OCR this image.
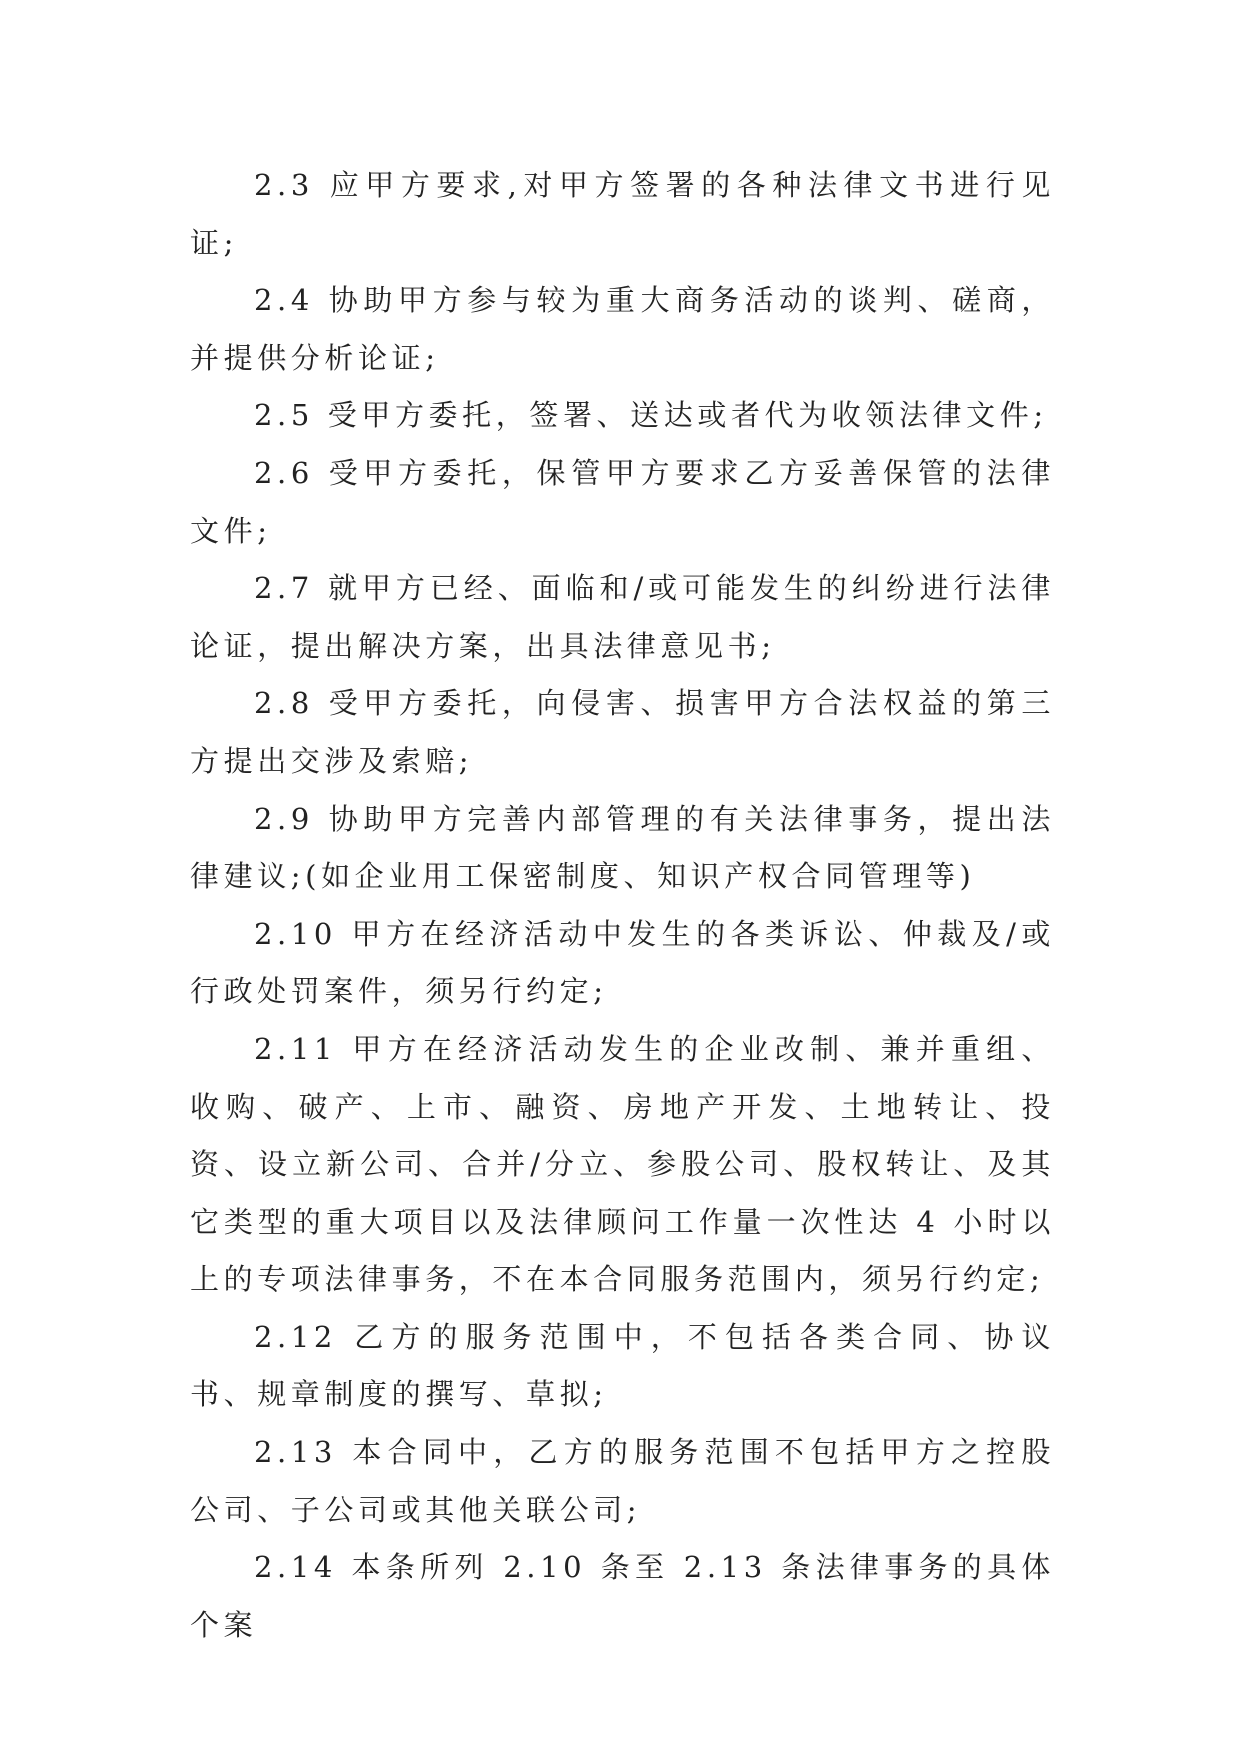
2.3 应甲方要求,对甲方签署的各种法律文书进行见证;

2.4 协助甲方参与较为重大商务活动的谈判、磋商，并提供分析论证;

2.5 受甲方委托，签署、送达或者代为收领法律文件;

2.6 受甲方委托，保管甲方要求乙方妥善保管的法律文件;

2.7 就甲方已经、面临和/或可能发生的纠纷进行法律论证，提出解决方案，出具法律意见书;

2.8 受甲方委托，向侵害、损害甲方合法权益的第三方提出交涉及索赔;

2.9 协助甲方完善内部管理的有关法律事务，提出法律建议;(如企业用工保密制度、知识产权合同管理等)

2.10 甲方在经济活动中发生的各类诉讼、仲裁及/或行政处罚案件，须另行约定;

2.11 甲方在经济活动发生的企业改制、兼并重组、收购、破产、上市、融资、房地产开发、土地转让、投资、设立新公司、合并/分立、参股公司、股权转让、及其它类型的重大项目以及法律顾问工作量一次性达 4 小时以上的专项法律事务，不在本合同服务范围内，须另行约定;

2.12 乙方的服务范围中，不包括各类合同、协议书、规章制度的撰写、草拟;

2.13 本合同中，乙方的服务范围不包括甲方之控股公司、子公司或其他关联公司;

2.14 本条所列 2.10 条至 2.13 条法律事务的具体个案
